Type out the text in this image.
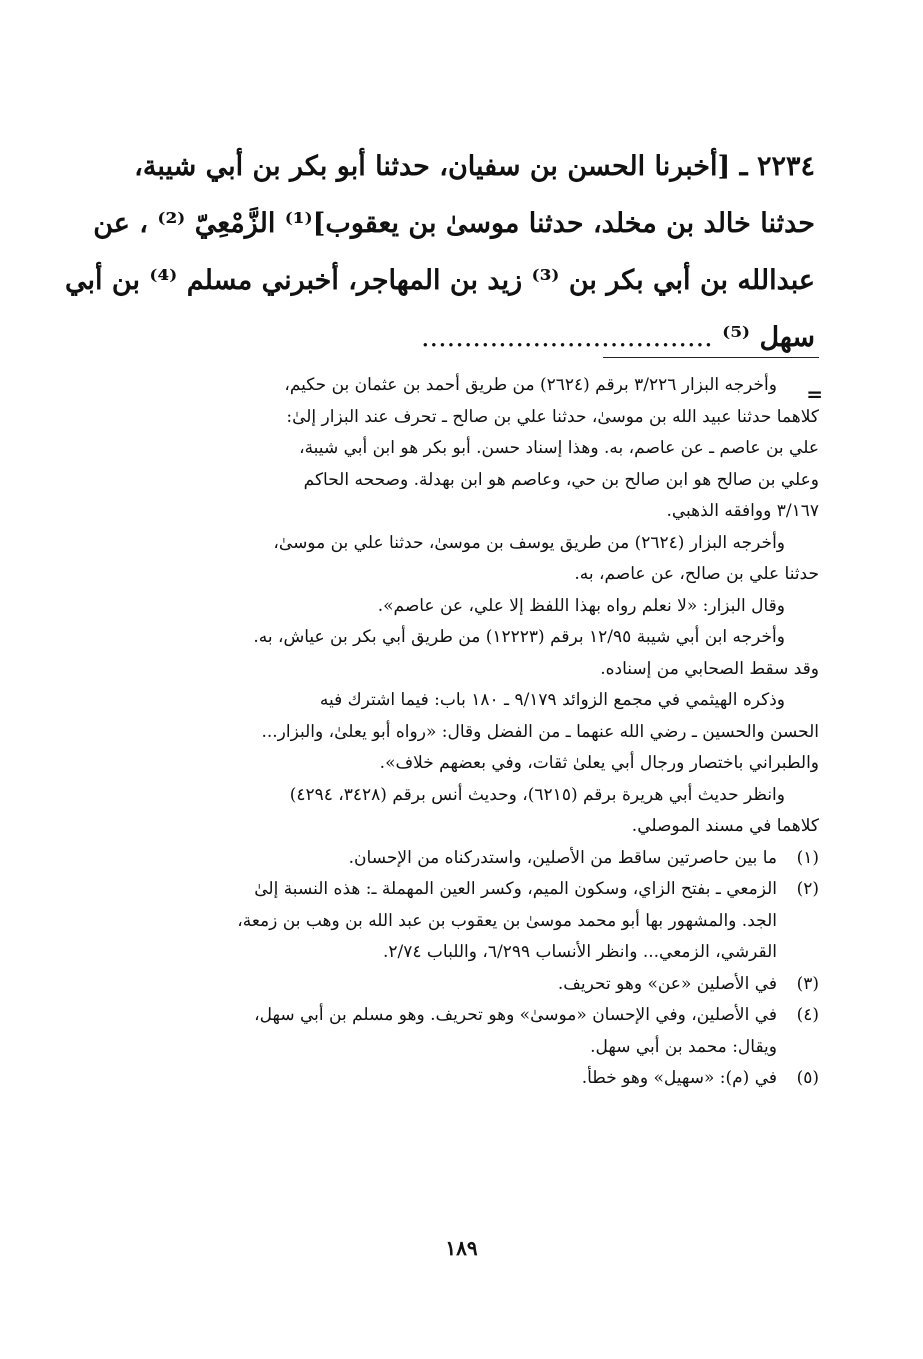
٢٢٣٤ ـ [أخبرنا الحسن بن سفيان، حدثنا أبو بكر بن أبي شيبة،
حدثنا خالد بن مخلد، حدثنا موسىٰ بن يعقوب]⁽¹⁾ الزَّمْعِيّ ⁽²⁾ ، عن
عبدالله بن أبي بكر بن ⁽³⁾ زيد بن المهاجر، أخبرني مسلم ⁽⁴⁾ بن أبي
سهل ⁽⁵⁾ ..................................
=

وأخرجه البزار ٣/٢٢٦ برقم (٢٦٢٤) من طريق أحمد بن عثمان بن حكيم،

كلاهما حدثنا عبيد الله بن موسىٰ، حدثنا علي بن صالح ـ تحرف عند البزار إلىٰ:

علي بن عاصم ـ عن عاصم، به. وهذا إسناد حسن. أبو بكر هو ابن أبي شيبة،

وعلي بن صالح هو ابن صالح بن حي، وعاصم هو ابن بهدلة. وصححه الحاكم

٣/١٦٧ ووافقه الذهبي.

وأخرجه البزار (٢٦٢٤) من طريق يوسف بن موسىٰ، حدثنا علي بن موسىٰ،

حدثنا علي بن صالح، عن عاصم، به.

وقال البزار: «لا نعلم رواه بهذا اللفظ إلا علي، عن عاصم».

وأخرجه ابن أبي شيبة ١٢/٩٥ برقم (١٢٢٢٣) من طريق أبي بكر بن عياش، به.

وقد سقط الصحابي من إسناده.

وذكره الهيثمي في مجمع الزوائد ٩/١٧٩ ـ ١٨٠ باب: فيما اشترك فيه

الحسن والحسين ـ رضي الله عنهما ـ من الفضل وقال: «رواه أبو يعلىٰ، والبزار...

والطبراني باختصار ورجال أبي يعلىٰ ثقات، وفي بعضهم خلاف».

وانظر حديث أبي هريرة برقم (٦٢١٥)، وحديث أنس برقم (٣٤٢٨، ٤٢٩٤)

كلاهما في مسند الموصلي.

(١)
ما بين حاصرتين ساقط من الأصلين، واستدركناه من الإحسان.

(٢)
الزمعي ـ بفتح الزاي، وسكون الميم، وكسر العين المهملة ـ: هذه النسبة إلىٰ

الجد. والمشهور بها أبو محمد موسىٰ بن يعقوب بن عبد الله بن وهب بن زمعة،

القرشي، الزمعي... وانظر الأنساب ٦/٢٩٩، واللباب ٢/٧٤.

(٣)
في الأصلين «عن» وهو تحريف.

(٤)
في الأصلين، وفي الإحسان «موسىٰ» وهو تحريف. وهو مسلم بن أبي سهل،

ويقال: محمد بن أبي سهل.

(٥)
في (م): «سهيل» وهو خطأ.

١٨٩
